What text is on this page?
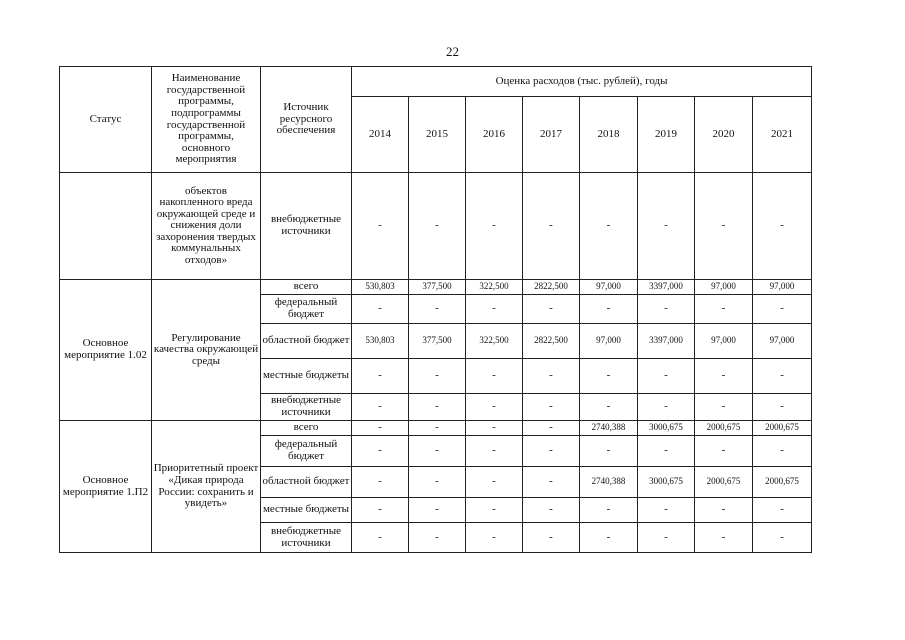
22
Статус	Наименование государственной программы, подпрограммы государственной программы, основного мероприятия	Источник ресурсного обеспечения	Оценка расходов (тыс. рублей), годы							
			2014	2015	2016	2017	2018	2019	2020	2021
	объектов накопленного вреда окружающей среде и снижения доли захоронения твердых коммунальных отходов»	внебюджетные источники	-	-	-	-	-	-	-	-
Основное мероприятие 1.02	Регулирование качества окружающей среды	всего	530,803	377,500	322,500	2822,500	97,000	3397,000	97,000	97,000
		федеральный бюджет	-	-	-	-	-	-	-	-
		областной бюджет	530,803	377,500	322,500	2822,500	97,000	3397,000	97,000	97,000
		местные бюджеты	-	-	-	-	-	-	-	-
		внебюджетные источники	-	-	-	-	-	-	-	-
Основное мероприятие 1.П2	Приоритетный проект «Дикая природа России: сохранить и увидеть»	всего	-	-	-	-	2740,388	3000,675	2000,675	2000,675
		федеральный бюджет	-	-	-	-	-	-	-	-
		областной бюджет	-	-	-	-	2740,388	3000,675	2000,675	2000,675
		местные бюджеты	-	-	-	-	-	-	-	-
		внебюджетные источники	-	-	-	-	-	-	-	-
